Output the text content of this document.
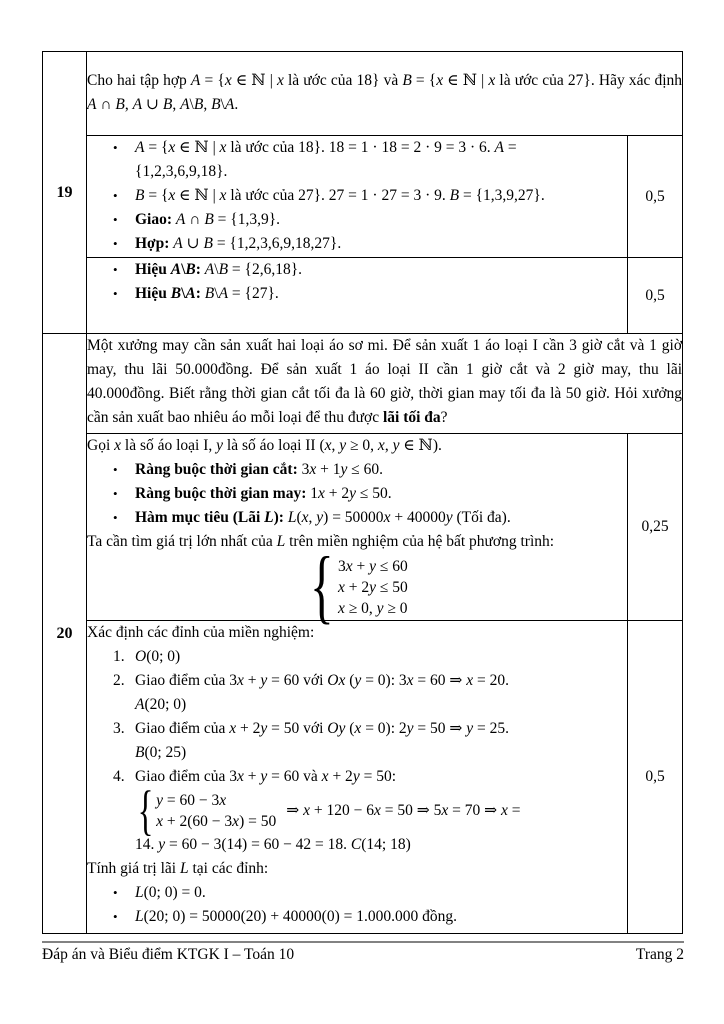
19	Cho hai tập hợp A = {x ∈ ℕ | x là ước của 18} và B = {x ∈ ℕ | x là ước của 27}. Hãy xác định A ∩ B, A ∪ B, A\B, B\A.	

•	A = {x ∈ ℕ | x là ước của 18}. 18 = 1 · 18 = 2 · 9 = 3 · 6. A =
{1,2,3,6,9,18}.
•	B = {x ∈ ℕ | x là ước của 27}. 27 = 1 · 27 = 3 · 9. B = {1,3,9,27}.
•	Giao: A ∩ B = {1,3,9}.
•	Hợp: A ∪ B = {1,2,3,6,9,18,27}.
	0,5

	• Hiệu A\B: A\B = {2,6,18}.
• Hiệu B\A: B\A = {27}.	0,5
20	Một xưởng may cần sản xuất hai loại áo sơ mi. Để sản xuất 1 áo loại I cần 3 giờ cắt và 1 giờ may, thu lãi 50.000đồng. Để sản xuất 1 áo loại II cần 1 giờ cắt và 2 giờ may, thu lãi 40.000đồng. Biết rằng thời gian cắt tối đa là 60 giờ, thời gian may tối đa là 50 giờ. Hỏi xưởng cần sản xuất bao nhiêu áo mỗi loại để thu được lãi tối đa?	

Gọi x là số áo loại I, y là số áo loại II (x, y ≥ 0, x, y ∈ ℕ).
•	Ràng buộc thời gian cắt: 3x + 1y ≤ 60.
•	Ràng buộc thời gian may: 1x + 2y ≤ 50.
•	Hàm mục tiêu (Lãi L): L(x, y) = 50000x + 40000y (Tối đa).
Ta cần tìm giá trị lớn nhất của L trên miền nghiệm của hệ bất phương trình:
{ 3x + y ≤ 60
x + 2y ≤ 50
x ≥ 0, y ≥ 0
	0,25

Xác định các đỉnh của miền nghiệm:
1. O(0; 0)
2. Giao điểm của 3x + y = 60 với Ox (y = 0): 3x = 60 ⇒ x = 20.
A(20; 0)
3. Giao điểm của x + 2y = 50 với Oy (x = 0): 2y = 50 ⇒ y = 25.
B(0; 25)
4. Giao điểm của 3x + y = 60 và x + 2y = 50:
{ y = 60 − 3x
x + 2(60 − 3x) = 50
⇒ x + 120 − 6x = 50 ⇒ 5x = 70 ⇒ x =
14. y = 60 − 3(14) = 60 − 42 = 18. C(14; 18)
Tính giá trị lãi L tại các đỉnh:
•	L(0; 0) = 0.
•	L(20; 0) = 50000(20) + 40000(0) = 1.000.000 đồng.
	0,5
Đáp án và Biểu điểm KTGK I – Toán 10	Trang 2
